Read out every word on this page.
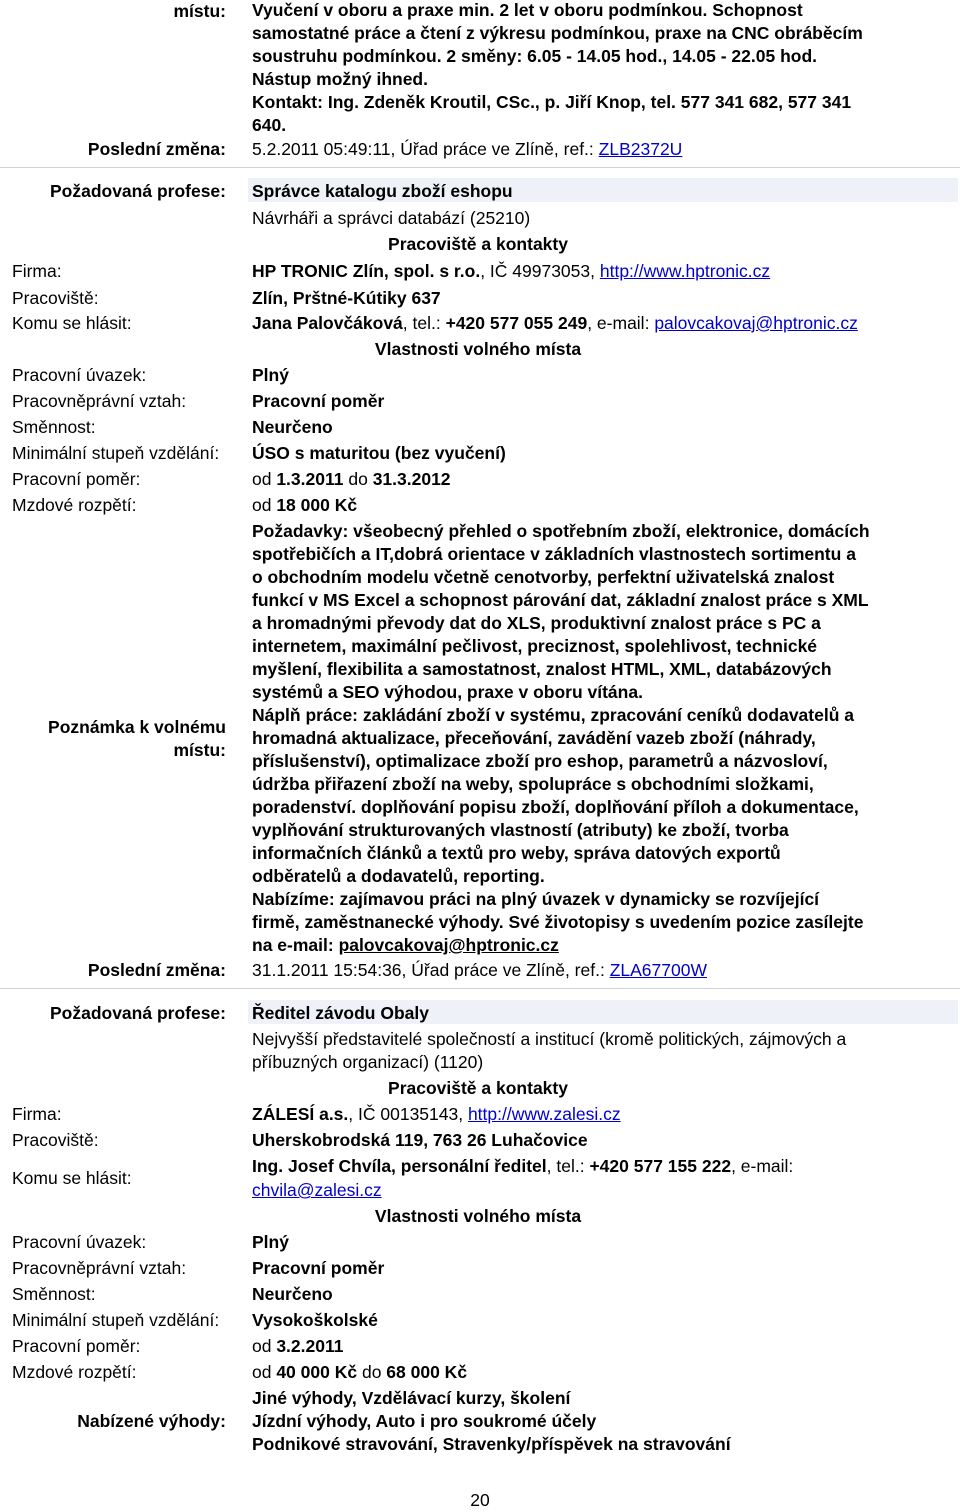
místu: Vyučení v oboru a praxe min. 2 let v oboru podmínkou. Schopnost

samostatné práce a čtení z výkresu podmínkou, praxe na CNC obráběcím

soustruhu podmínkou. 2 směny: 6.05 - 14.05 hod., 14.05 - 22.05 hod.

Nástup možný ihned.

Kontakt: Ing. Zdeněk Kroutil, CSc., p. Jiří Knop, tel. 577 341 682, 577 341

640.

Poslední změna: 5.2.2011 05:49:11, Úřad práce ve Zlíně, ref.: ZLB2372U
Požadovaná profese: Správce katalogu zboží eshopu
Návrháři a správci databází (25210)
Pracoviště a kontakty
Firma:	HP TRONIC Zlín, spol. s r.o., IČ 49973053, http://www.hptronic.cz
Pracoviště:	Zlín, Prštné-Kútiky 637
Komu se hlásit:	Jana Palovčáková, tel.: +420 577 055 249, e-mail: palovcakovaj@hptronic.cz
Vlastnosti volného místa
Pracovní úvazek:	Plný
Pracovněprávní vztah:	Pracovní poměr
Směnnost:	Neurčeno
Minimální stupeň vzdělání: ÚSO s maturitou (bez vyučení)
Pracovní poměr:	od 1.3.2011 do 31.3.2012
Mzdové rozpětí:	od 18 000 Kč
Poznámka k volnému
místu:

Požadavky: všeobecný přehled o spotřebním zboží, elektronice, domácích

spotřebičích a IT,dobrá orientace v základních vlastnostech sortimentu a

o obchodním modelu včetně cenotvorby, perfektní uživatelská znalost

funkcí v MS Excel a schopnost párování dat, základní znalost práce s XML

a hromadnými převody dat do XLS, produktivní znalost práce s PC a

internetem, maximální pečlivost, preciznost, spolehlivost, technické

myšlení, flexibilita a samostatnost, znalost HTML, XML, databázových

systémů a SEO výhodou, praxe v oboru vítána.

Náplň práce: zakládání zboží v systému, zpracování ceníků dodavatelů a

hromadná aktualizace, přeceňování, zavádění vazeb zboží (náhrady,

příslušenství), optimalizace zboží pro eshop, parametrů a názvosloví,

údržba přiřazení zboží na weby, spolupráce s obchodními složkami,

poradenství. doplňování popisu zboží, doplňování příloh a dokumentace,

vyplňování strukturovaných vlastností (atributy) ke zboží, tvorba

informačních článků a textů pro weby, správa datových exportů

odběratelů a dodavatelů, reporting.

Nabízíme: zajímavou práci na plný úvazek v dynamicky se rozvíjející

firmě, zaměstnanecké výhody. Své životopisy s uvedením pozice zasílejte

na e-mail: palovcakovaj@hptronic.cz

Poslední změna: 31.1.2011 15:54:36, Úřad práce ve Zlíně, ref.: ZLA67700W
Požadovaná profese: Ředitel závodu Obaly
Nejvyšší představitelé společností a institucí (kromě politických, zájmových a
příbuzných organizací) (1120)
Pracoviště a kontakty
Firma:	ZÁLESÍ a.s., IČ 00135143, http://www.zalesi.cz
Pracoviště:	Uherskobrodská 119, 763 26 Luhačovice
Komu se hlásit:
Ing. Josef Chvíla, personální ředitel, tel.: +420 577 155 222, e-mail:
chvila@zalesi.cz
Vlastnosti volného místa
Pracovní úvazek:	Plný
Pracovněprávní vztah:	Pracovní poměr
Směnnost:	Neurčeno
Minimální stupeň vzdělání: Vysokoškolské
Pracovní poměr:	od 3.2.2011
Mzdové rozpětí:	od 40 000 Kč do 68 000 Kč
Nabízené výhody:
Jiné výhody, Vzdělávací kurzy, školení
Jízdní výhody, Auto i pro soukromé účely
Podnikové stravování, Stravenky/příspěvek na stravování
20
